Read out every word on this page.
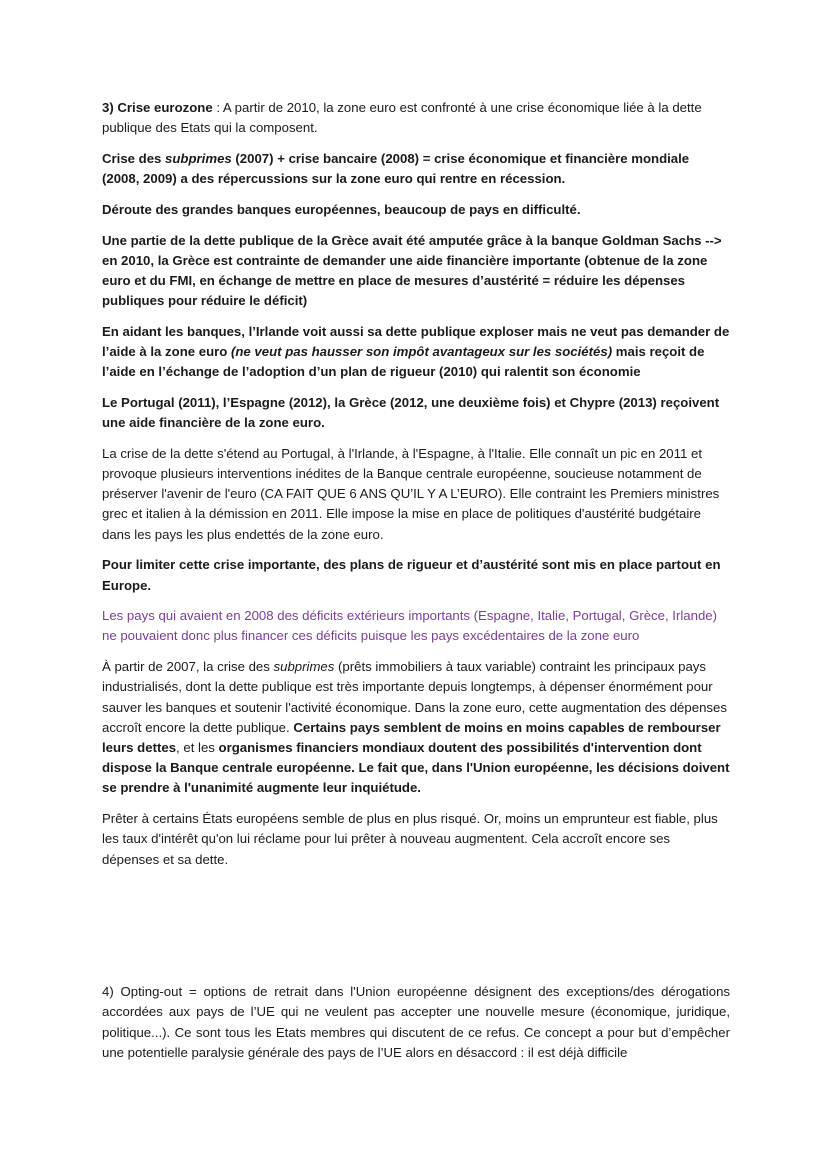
3) Crise eurozone : A partir de 2010, la zone euro est confronté à une crise économique liée à la dette publique des Etats qui la composent.

Crise des subprimes (2007) + crise bancaire (2008) = crise économique et financière mondiale (2008, 2009) a des répercussions sur la zone euro qui rentre en récession.

Déroute des grandes banques européennes, beaucoup de pays en difficulté.

Une partie de la dette publique de la Grèce avait été amputée grâce à la banque Goldman Sachs --> en 2010, la Grèce est contrainte de demander une aide financière importante (obtenue de la zone euro et du FMI, en échange de mettre en place de mesures d’austérité = réduire les dépenses publiques pour réduire le déficit)

En aidant les banques, l’Irlande voit aussi sa dette publique exploser mais ne veut pas demander de l’aide à la zone euro (ne veut pas hausser son impôt avantageux sur les sociétés) mais reçoit de l’aide en l’échange de l’adoption d’un plan de rigueur (2010) qui ralentit son économie

Le Portugal (2011), l’Espagne (2012), la Grèce (2012, une deuxième fois) et Chypre (2013) reçoivent une aide financière de la zone euro.

La crise de la dette s'étend au Portugal, à l'Irlande, à l'Espagne, à l'Italie. Elle connaît un pic en 2011 et provoque plusieurs interventions inédites de la Banque centrale européenne, soucieuse notamment de préserver l'avenir de l'euro (CA FAIT QUE 6 ANS QU’IL Y A L’EURO). Elle contraint les Premiers ministres grec et italien à la démission en 2011. Elle impose la mise en place de politiques d'austérité budgétaire dans les pays les plus endettés de la zone euro.

Pour limiter cette crise importante, des plans de rigueur et d’austérité sont mis en place partout en Europe.

Les pays qui avaient en 2008 des déficits extérieurs importants (Espagne, Italie, Portugal, Grèce, Irlande) ne pouvaient donc plus financer ces déficits puisque les pays excédentaires de la zone euro

À partir de 2007, la crise des subprimes (prêts immobiliers à taux variable) contraint les principaux pays industrialisés, dont la dette publique est très importante depuis longtemps, à dépenser énormément pour sauver les banques et soutenir l'activité économique. Dans la zone euro, cette augmentation des dépenses accroît encore la dette publique. Certains pays semblent de moins en moins capables de rembourser leurs dettes, et les organismes financiers mondiaux doutent des possibilités d'intervention dont dispose la Banque centrale européenne. Le fait que, dans l'Union européenne, les décisions doivent se prendre à l'unanimité augmente leur inquiétude.

Prêter à certains États européens semble de plus en plus risqué. Or, moins un emprunteur est fiable, plus les taux d'intérêt qu'on lui réclame pour lui prêter à nouveau augmentent. Cela accroît encore ses dépenses et sa dette.

4) Opting-out = options de retrait dans l'Union européenne désignent des exceptions/des dérogations accordées aux pays de l’UE qui ne veulent pas accepter une nouvelle mesure (économique, juridique, politique...). Ce sont tous les Etats membres qui discutent de ce refus. Ce concept a pour but d’empêcher une potentielle paralysie générale des pays de l’UE alors en désaccord : il est déjà difficile
